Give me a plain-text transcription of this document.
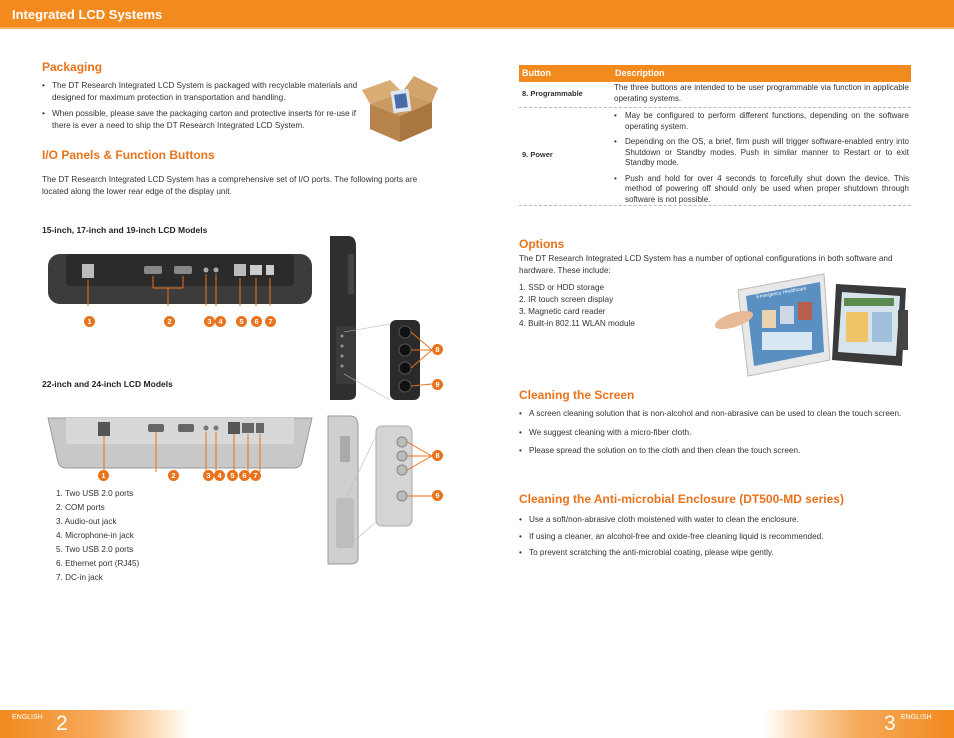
Integrated LCD Systems
Packaging
• The DT Research Integrated LCD System is packaged with recyclable materials and designed for maximum protection in transportation and handling.
• When possible, please save the packaging carton and protective inserts for re-use if there is ever a need to ship the DT Research Integrated LCD System.
I/O Panels & Function Buttons

The DT Research Integrated LCD System has a comprehensive set of I/O ports. The following ports are located along the lower rear edge of the display unit.

15-inch, 17-inch and 19-inch LCD Models
1	2	3 4	5	6	7
8
9
22-inch and 24-inch LCD Models
1	2	3 4	5	6 7
8
9
1. Two USB 2.0 ports
2. COM ports
3. Audio-out jack
4. Microphone-in jack
5. Two USB 2.0 ports
6. Ethernet port (RJ45)
7. DC-in jack
Button	Description
8. Programmable
The three buttons are intended to be user programmable via function in applicable operating systems.
9. Power
• May be configured to perform different functions, depending on the software operating system.
• Depending on the OS, a brief, firm push will trigger software-enabled entry into Shutdown or Standby modes. Push in similar manner to Restart or to exit Standby mode.
• Push and hold for over 4 seconds to forcefully shut down the device. This method of powering off should only be used when proper shutdown through software is not possible.
Options

The DT Research Integrated LCD System has a number of optional configurations in both software and hardware. These include:

1. SSD or HDD storage
2. IR touch screen display
3. Magnetic card reader
4. Built-in 802.11 WLAN module
Emergency Healthcare
Cleaning the Screen
• A screen cleaning solution that is non-alcohol and non-abrasive can be used to clean the touch screen.
• We suggest cleaning with a micro-fiber cloth.
• Please spread the solution on to the cloth and then clean the touch screen.
Cleaning the Anti-microbial Enclosure (DT500-MD series)
• Use a soft/non-abrasive cloth moistened with water to clean the enclosure.
• If using a cleaner, an alcohol-free and oxide-free cleaning liquid is recommended.
• To prevent scratching the anti-microbial coating, please wipe gently.
ENGLISH 2	3 ENGLISH
